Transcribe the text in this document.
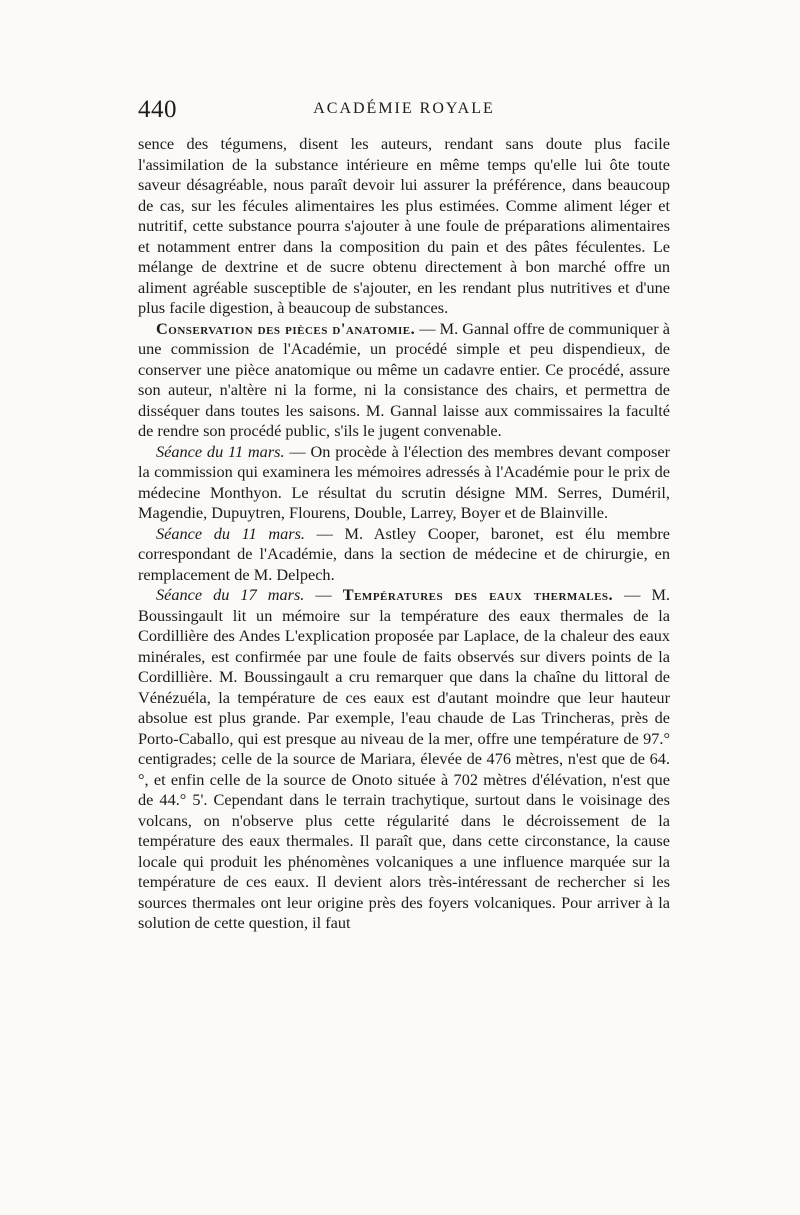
440	ACADÉMIE ROYALE

sence des tégumens, disent les auteurs, rendant sans doute plus facile l'assimilation de la substance intérieure en même temps qu'elle lui ôte toute saveur désagréable, nous paraît devoir lui assurer la préférence, dans beaucoup de cas, sur les fécules alimentaires les plus estimées. Comme aliment léger et nutritif, cette substance pourra s'ajouter à une foule de préparations alimentaires et notamment entrer dans la composition du pain et des pâtes féculentes. Le mélange de dextrine et de sucre obtenu directement à bon marché offre un aliment agréable susceptible de s'ajouter, en les rendant plus nutritives et d'une plus facile digestion, à beaucoup de substances.

Conservation des pièces d'anatomie. — M. Gannal offre de communiquer à une commission de l'Académie, un procédé simple et peu dispendieux, de conserver une pièce anatomique ou même un cadavre entier. Ce procédé, assure son auteur, n'altère ni la forme, ni la consistance des chairs, et permettra de disséquer dans toutes les saisons. M. Gannal laisse aux commissaires la faculté de rendre son procédé public, s'ils le jugent convenable.

Séance du 11 mars. — On procède à l'élection des membres devant composer la commission qui examinera les mémoires adressés à l'Académie pour le prix de médecine Monthyon. Le résultat du scrutin désigne MM. Serres, Duméril, Magendie, Dupuytren, Flourens, Double, Larrey, Boyer et de Blainville.

Séance du 11 mars. — M. Astley Cooper, baronet, est élu membre correspondant de l'Académie, dans la section de médecine et de chirurgie, en remplacement de M. Delpech.

Séance du 17 mars. — Températures des eaux thermales. — M. Boussingault lit un mémoire sur la température des eaux thermales de la Cordillière des Andes L'explication proposée par Laplace, de la chaleur des eaux minérales, est confirmée par une foule de faits observés sur divers points de la Cordillière. M. Boussingault a cru remarquer que dans la chaîne du littoral de Vénézuéla, la température de ces eaux est d'autant moindre que leur hauteur absolue est plus grande. Par exemple, l'eau chaude de Las Trincheras, près de Porto-Caballo, qui est presque au niveau de la mer, offre une température de 97.° centigrades; celle de la source de Mariara, élevée de 476 mètres, n'est que de 64.°, et enfin celle de la source de Onoto située à 702 mètres d'élévation, n'est que de 44.° 5'. Cependant dans le terrain trachytique, surtout dans le voisinage des volcans, on n'observe plus cette régularité dans le décroissement de la température des eaux thermales. Il paraît que, dans cette circonstance, la cause locale qui produit les phénomènes volcaniques a une influence marquée sur la température de ces eaux. Il devient alors très-intéressant de rechercher si les sources thermales ont leur origine près des foyers volcaniques. Pour arriver à la solution de cette question, il faut
